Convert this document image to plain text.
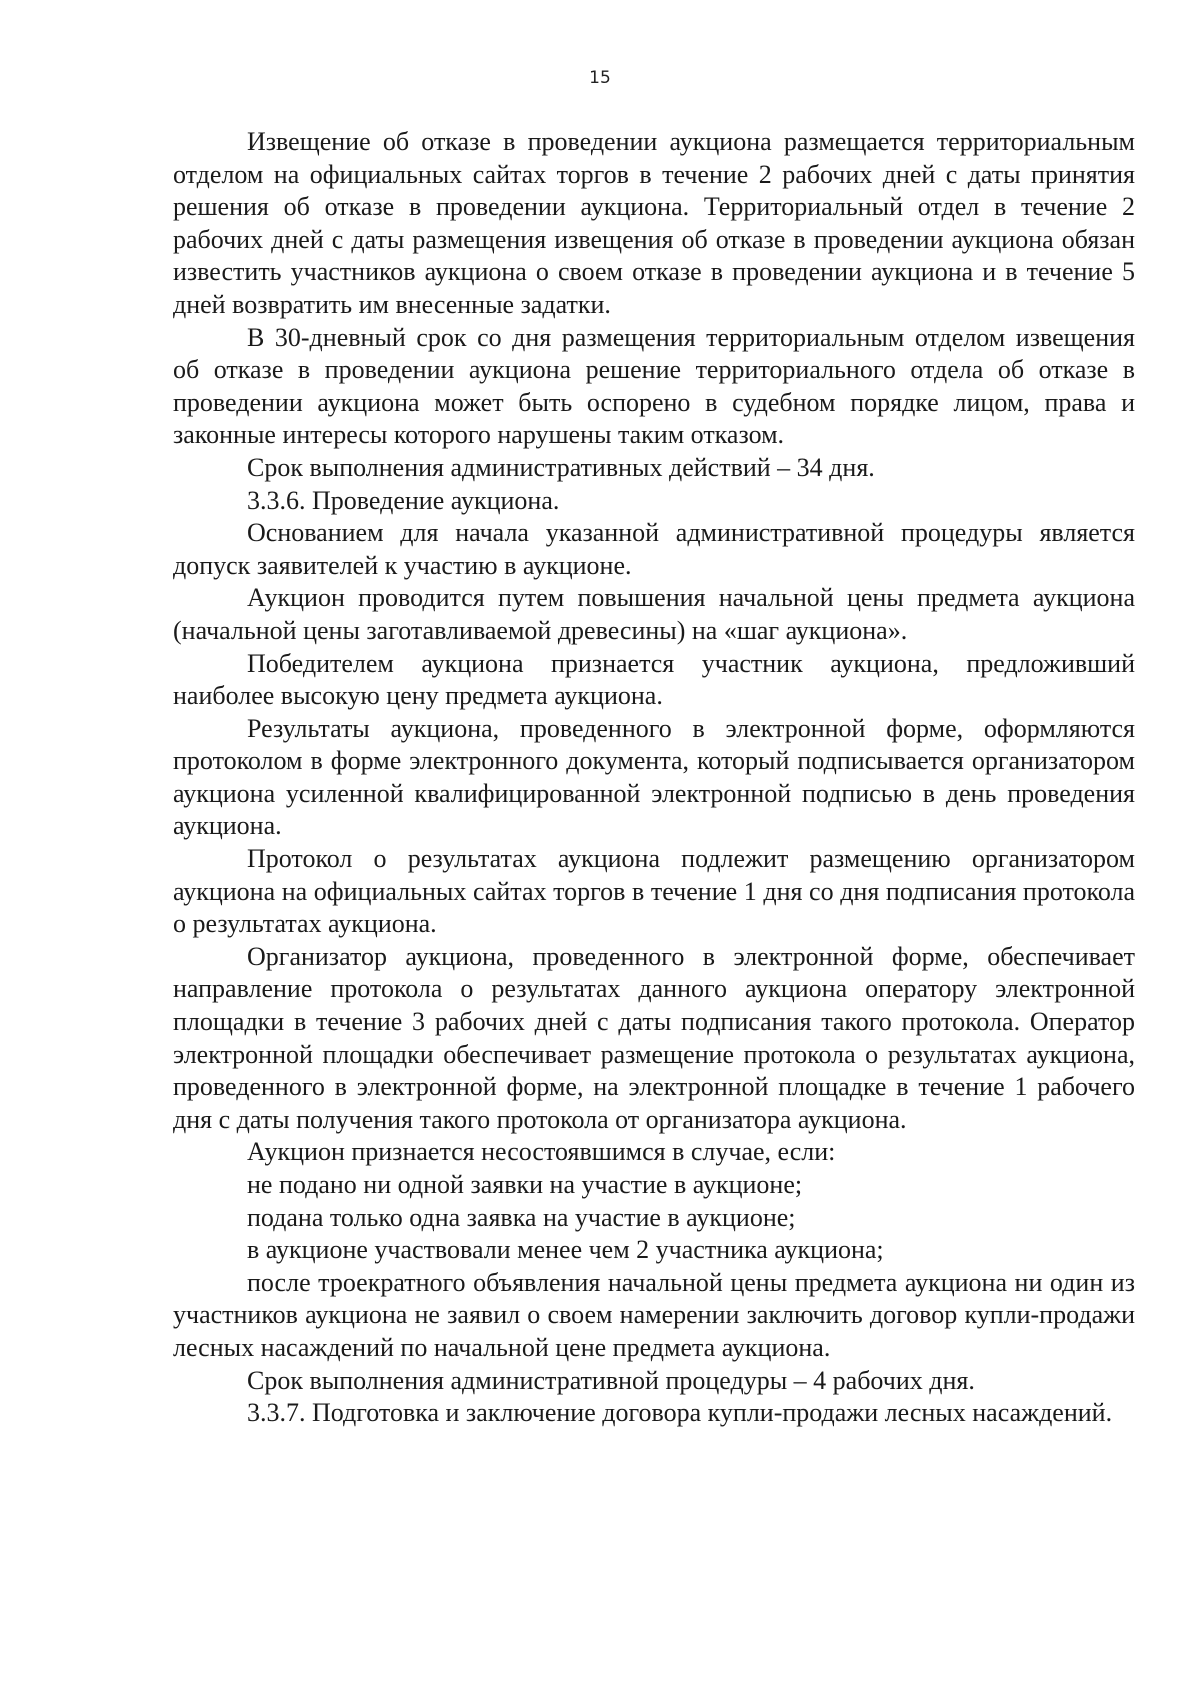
15

Извещение об отказе в проведении аукциона размещается территориальным отделом на официальных сайтах торгов в течение 2 рабочих дней с даты принятия решения об отказе в проведении аукциона. Территориальный отдел в течение 2 рабочих дней с даты размещения извещения об отказе в проведении аукциона обязан известить участников аукциона о своем отказе в проведении аукциона и в течение 5 дней возвратить им внесенные задатки.

В 30-дневный срок со дня размещения территориальным отделом извещения об отказе в проведении аукциона решение территориального отдела об отказе в проведении аукциона может быть оспорено в судебном порядке лицом, права и законные интересы которого нарушены таким отказом.

Срок выполнения административных действий – 34 дня.

3.3.6. Проведение аукциона.

Основанием для начала указанной административной процедуры является допуск заявителей к участию в аукционе.

Аукцион проводится путем повышения начальной цены предмета аукциона (начальной цены заготавливаемой древесины) на «шаг аукциона».

Победителем аукциона признается участник аукциона, предложивший наиболее высокую цену предмета аукциона.

Результаты аукциона, проведенного в электронной форме, оформляются протоколом в форме электронного документа, который подписывается организатором аукциона усиленной квалифицированной электронной подписью в день проведения аукциона.

Протокол о результатах аукциона подлежит размещению организатором аукциона на официальных сайтах торгов в течение 1 дня со дня подписания протокола о результатах аукциона.

Организатор аукциона, проведенного в электронной форме, обеспечивает направление протокола о результатах данного аукциона оператору электронной площадки в течение 3 рабочих дней с даты подписания такого протокола. Оператор электронной площадки обеспечивает размещение протокола о результатах аукциона, проведенного в электронной форме, на электронной площадке в течение 1 рабочего дня с даты получения такого протокола от организатора аукциона.

Аукцион признается несостоявшимся в случае, если:

не подано ни одной заявки на участие в аукционе;

подана только одна заявка на участие в аукционе;

в аукционе участвовали менее чем 2 участника аукциона;

после троекратного объявления начальной цены предмета аукциона ни один из участников аукциона не заявил о своем намерении заключить договор купли-продажи лесных насаждений по начальной цене предмета аукциона.

Срок выполнения административной процедуры – 4 рабочих дня.

3.3.7. Подготовка и заключение договора купли-продажи лесных насаждений.
